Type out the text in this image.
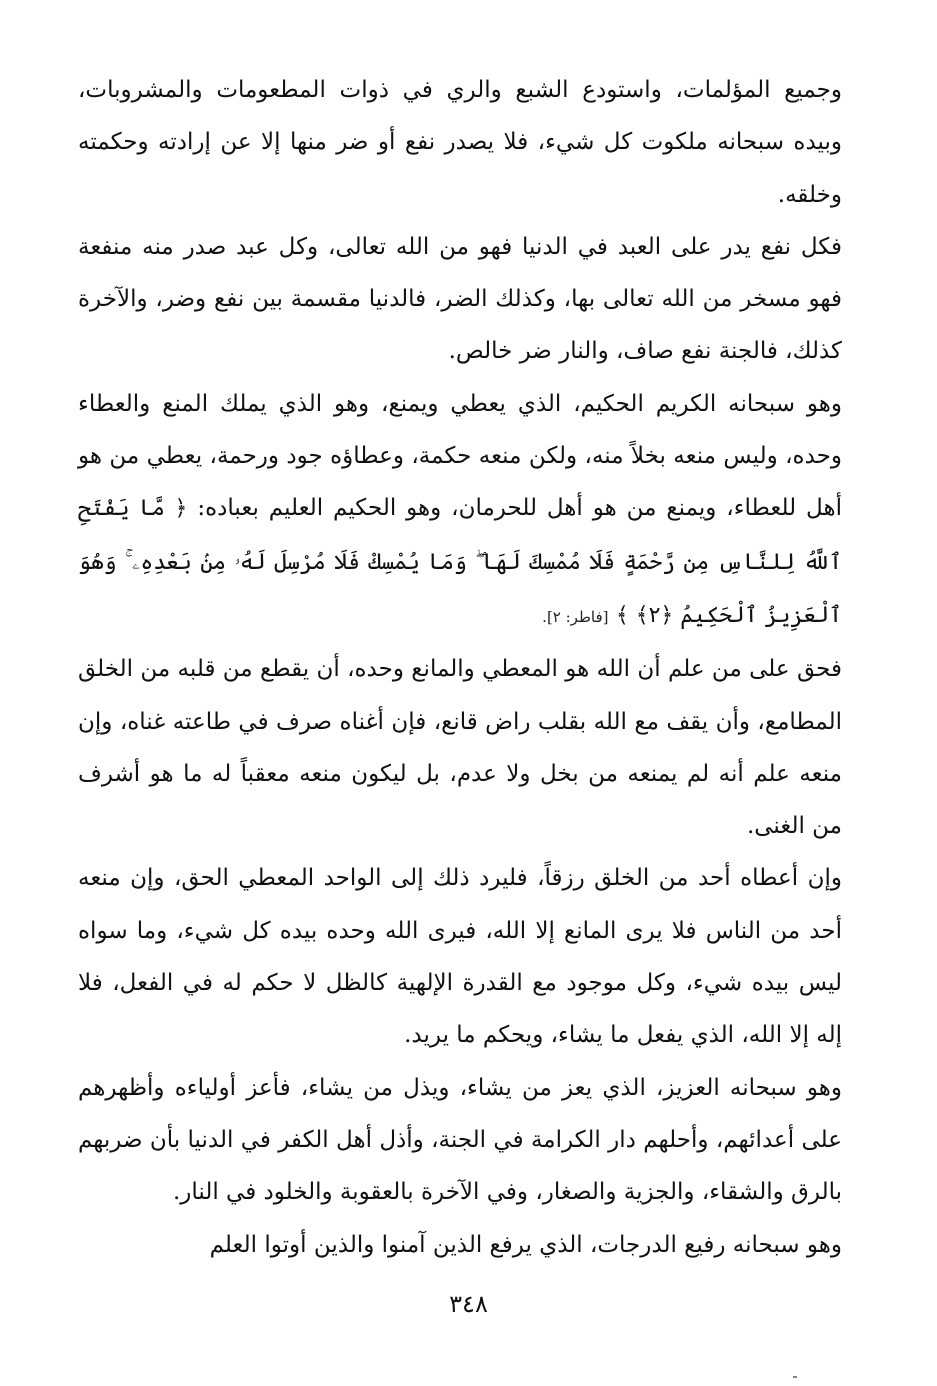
وجميع المؤلمات، واستودع الشبع والري في ذوات المطعومات والمشروبات، وبيده سبحانه ملكوت كل شيء، فلا يصدر نفع أو ضر منها إلا عن إرادته وحكمته وخلقه.

فكل نفع يدر على العبد في الدنيا فهو من الله تعالى، وكل عبد صدر منه منفعة فهو مسخر من الله تعالى بها، وكذلك الضر، فالدنيا مقسمة بين نفع وضر، والآخرة كذلك، فالجنة نفع صاف، والنار ضر خالص.

وهو سبحانه الكريم الحكيم، الذي يعطي ويمنع، وهو الذي يملك المنع والعطاء وحده، وليس منعه بخلاً منه، ولكن منعه حكمة، وعطاؤه جود ورحمة، يعطي من هو أهل للعطاء، ويمنع من هو أهل للحرمان، وهو الحكيم العليم بعباده: ﴿ مَّا يَفْتَحِ ٱللَّهُ لِلنَّاسِ مِن رَّحْمَةٍ فَلَا مُمْسِكَ لَهَا ۖ وَمَا يُمْسِكْ فَلَا مُرْسِلَ لَهُۥ مِنۢ بَعْدِهِۦ ۚ وَهُوَ ٱلْعَزِيزُ ٱلْحَكِيمُ ﴿٢﴾ ﴾ [فاطر: ٢].

فحق على من علم أن الله هو المعطي والمانع وحده، أن يقطع من قلبه من الخلق المطامع، وأن يقف مع الله بقلب راض قانع، فإن أغناه صرف في طاعته غناه، وإن منعه علم أنه لم يمنعه من بخل ولا عدم، بل ليكون منعه معقباً له ما هو أشرف من الغنى.

وإن أعطاه أحد من الخلق رزقاً، فليرد ذلك إلى الواحد المعطي الحق، وإن منعه أحد من الناس فلا يرى المانع إلا الله، فيرى الله وحده بيده كل شيء، وما سواه ليس بيده شيء، وكل موجود مع القدرة الإلهية كالظل لا حكم له في الفعل، فلا إله إلا الله، الذي يفعل ما يشاء، ويحكم ما يريد.

وهو سبحانه العزيز، الذي يعز من يشاء، ويذل من يشاء، فأعز أولياءه وأظهرهم على أعدائهم، وأحلهم دار الكرامة في الجنة، وأذل أهل الكفر في الدنيا بأن ضربهم بالرق والشقاء، والجزية والصغار، وفي الآخرة بالعقوبة والخلود في النار.

وهو سبحانه رفيع الدرجات، الذي يرفع الذين آمنوا والذين أوتوا العلم

٣٤٨
